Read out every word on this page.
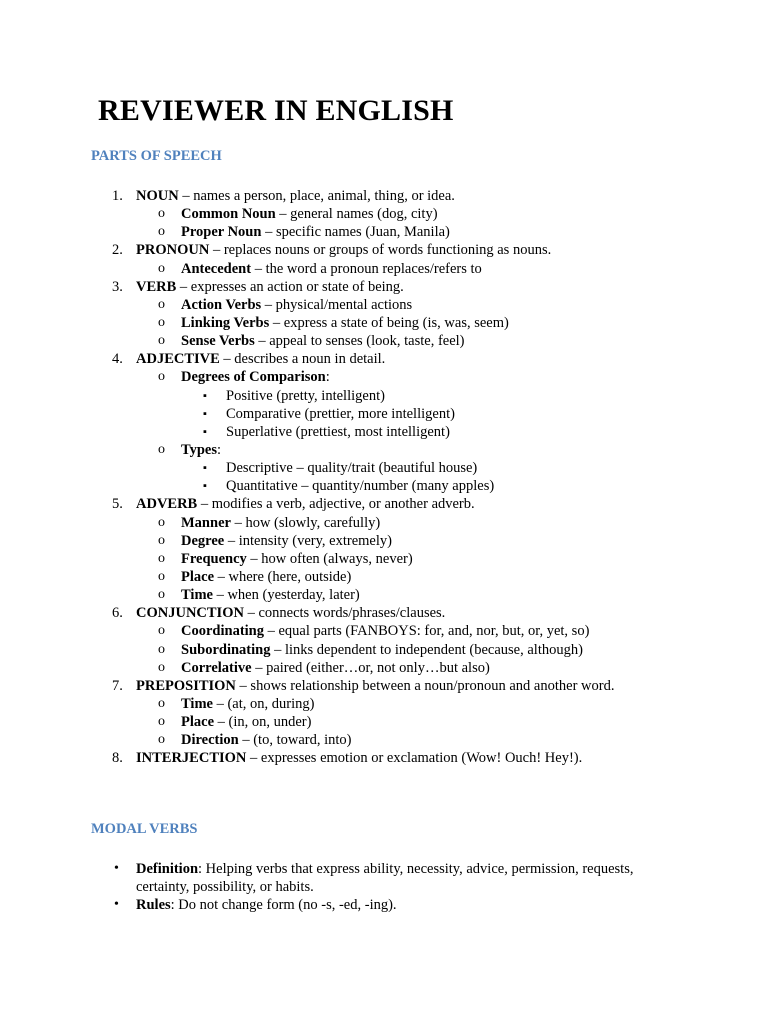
REVIEWER IN ENGLISH
PARTS OF SPEECH
1. NOUN – names a person, place, animal, thing, or idea.
o Common Noun – general names (dog, city)
o Proper Noun – specific names (Juan, Manila)
2. PRONOUN – replaces nouns or groups of words functioning as nouns.
o Antecedent – the word a pronoun replaces/refers to
3. VERB – expresses an action or state of being.
o Action Verbs – physical/mental actions
o Linking Verbs – express a state of being (is, was, seem)
o Sense Verbs – appeal to senses (look, taste, feel)
4. ADJECTIVE – describes a noun in detail.
o Degrees of Comparison:
▪ Positive (pretty, intelligent)
▪ Comparative (prettier, more intelligent)
▪ Superlative (prettiest, most intelligent)
o Types:
▪ Descriptive – quality/trait (beautiful house)
▪ Quantitative – quantity/number (many apples)
5. ADVERB – modifies a verb, adjective, or another adverb.
o Manner – how (slowly, carefully)
o Degree – intensity (very, extremely)
o Frequency – how often (always, never)
o Place – where (here, outside)
o Time – when (yesterday, later)
6. CONJUNCTION – connects words/phrases/clauses.
o Coordinating – equal parts (FANBOYS: for, and, nor, but, or, yet, so)
o Subordinating – links dependent to independent (because, although)
o Correlative – paired (either…or, not only…but also)
7. PREPOSITION – shows relationship between a noun/pronoun and another word.
o Time – (at, on, during)
o Place – (in, on, under)
o Direction – (to, toward, into)
8. INTERJECTION – expresses emotion or exclamation (Wow! Ouch! Hey!).
MODAL VERBS
• Definition: Helping verbs that express ability, necessity, advice, permission, requests, certainty, possibility, or habits.
• Rules: Do not change form (no -s, -ed, -ing).
